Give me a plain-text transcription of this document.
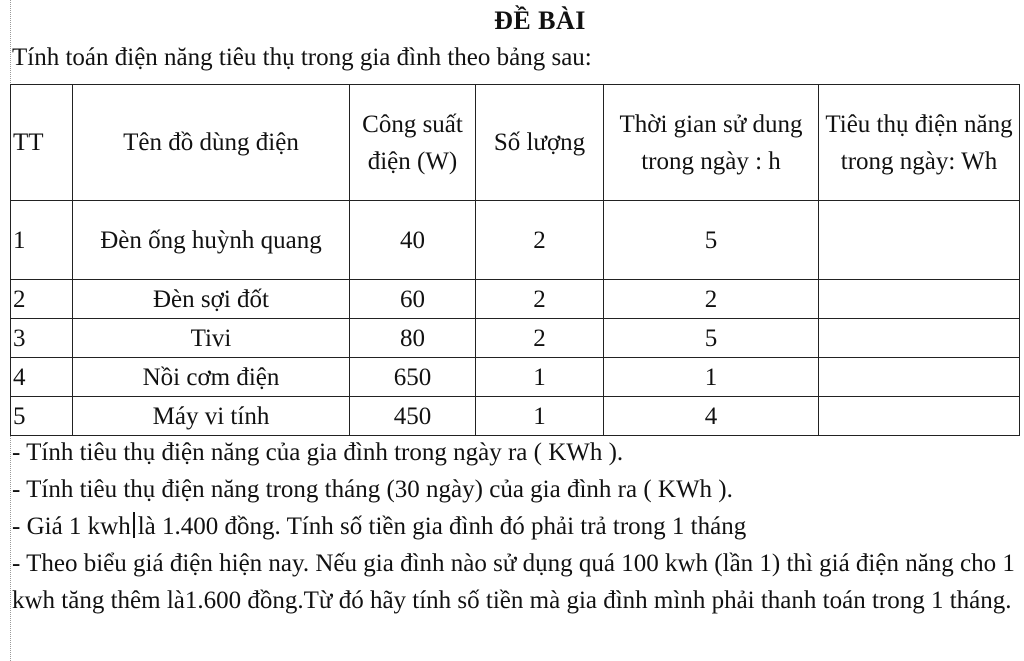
ĐỀ BÀI
Tính toán điện năng tiêu thụ trong gia đình theo bảng sau:
TT	Tên đồ dùng điện	Công suất điện (W)	Số lượng	Thời gian sử dung trong ngày : h	Tiêu thụ điện năng trong ngày: Wh
1	Đèn ống huỳnh quang	40	2	5	
2	Đèn sợi đốt	60	2	2	
3	Tivi	80	2	5	
4	Nồi cơm điện	650	1	1	
5	Máy vi tính	450	1	4	

- Tính tiêu thụ điện năng của gia đình trong ngày ra ( KWh ).

- Tính tiêu thụ điện năng trong tháng (30 ngày) của gia đình ra ( KWh ).

- Giá 1 kwh là 1.400 đồng. Tính số tiền gia đình đó phải trả trong 1 tháng

- Theo biểu giá điện hiện nay. Nếu gia đình nào sử dụng quá 100 kwh (lần 1) thì giá điện năng cho 1 kwh tăng thêm là1.600 đồng.Từ đó hãy tính số tiền mà gia đình mình phải thanh toán trong 1 tháng.
